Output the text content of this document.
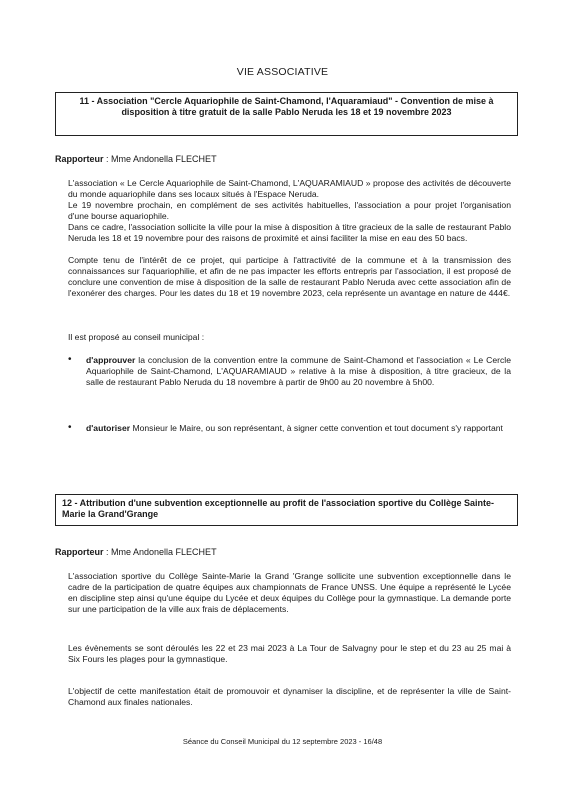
VIE ASSOCIATIVE
11 - Association "Cercle Aquariophile de Saint-Chamond, l'Aquaramiaud" - Convention de mise à disposition à titre gratuit de la salle Pablo Neruda les 18 et 19 novembre 2023
Rapporteur : Mme Andonella FLECHET

L'association « Le Cercle Aquariophile de Saint-Chamond, L'AQUARAMIAUD » propose des activités de découverte du monde aquariophile dans ses locaux situés à l'Espace Neruda.

Le 19 novembre prochain, en complément de ses activités habituelles, l'association a pour projet l'organisation d'une bourse aquariophile.

Dans ce cadre, l'association sollicite la ville pour la mise à disposition à titre gracieux de la salle de restaurant Pablo Neruda les 18 et 19 novembre pour des raisons de proximité et ainsi faciliter la mise en eau des 50 bacs.

Compte tenu de l'intérêt de ce projet, qui participe à l'attractivité de la commune et à la transmission des connaissances sur l'aquariophilie, et afin de ne pas impacter les efforts entrepris par l'association, il est proposé de conclure une convention de mise à disposition de la salle de restaurant Pablo Neruda avec cette association afin de l'exonérer des charges. Pour les dates du 18 et 19 novembre 2023, cela représente un avantage en nature de 444€.

Il est proposé au conseil municipal :

• d'approuver la conclusion de la convention entre la commune de Saint-Chamond et l'association « Le Cercle Aquariophile de Saint-Chamond, L'AQUARAMIAUD » relative à la mise à disposition, à titre gracieux, de la salle de restaurant Pablo Neruda du 18 novembre à partir de 9h00 au 20 novembre à 5h00.
• d'autoriser Monsieur le Maire, ou son représentant, à signer cette convention et tout document s'y rapportant
12 - Attribution d'une subvention exceptionnelle au profit de l'association sportive du Collège Sainte-Marie la Grand'Grange
Rapporteur : Mme Andonella FLECHET

L'association sportive du Collège Sainte-Marie la Grand 'Grange sollicite une subvention exceptionnelle dans le cadre de la participation de quatre équipes aux championnats de France UNSS. Une équipe a représenté le Lycée en discipline step ainsi qu'une équipe du Lycée et deux équipes du Collège pour la gymnastique. La demande porte sur une participation de la ville aux frais de déplacements.

Les évènements se sont déroulés les 22 et 23 mai 2023 à La Tour de Salvagny pour le step et du 23 au 25 mai à Six Fours les plages pour la gymnastique.

L'objectif de cette manifestation était de promouvoir et dynamiser la discipline, et de représenter la ville de Saint-Chamond aux finales nationales.

Séance du Conseil Municipal du 12 septembre 2023 - 16/48
